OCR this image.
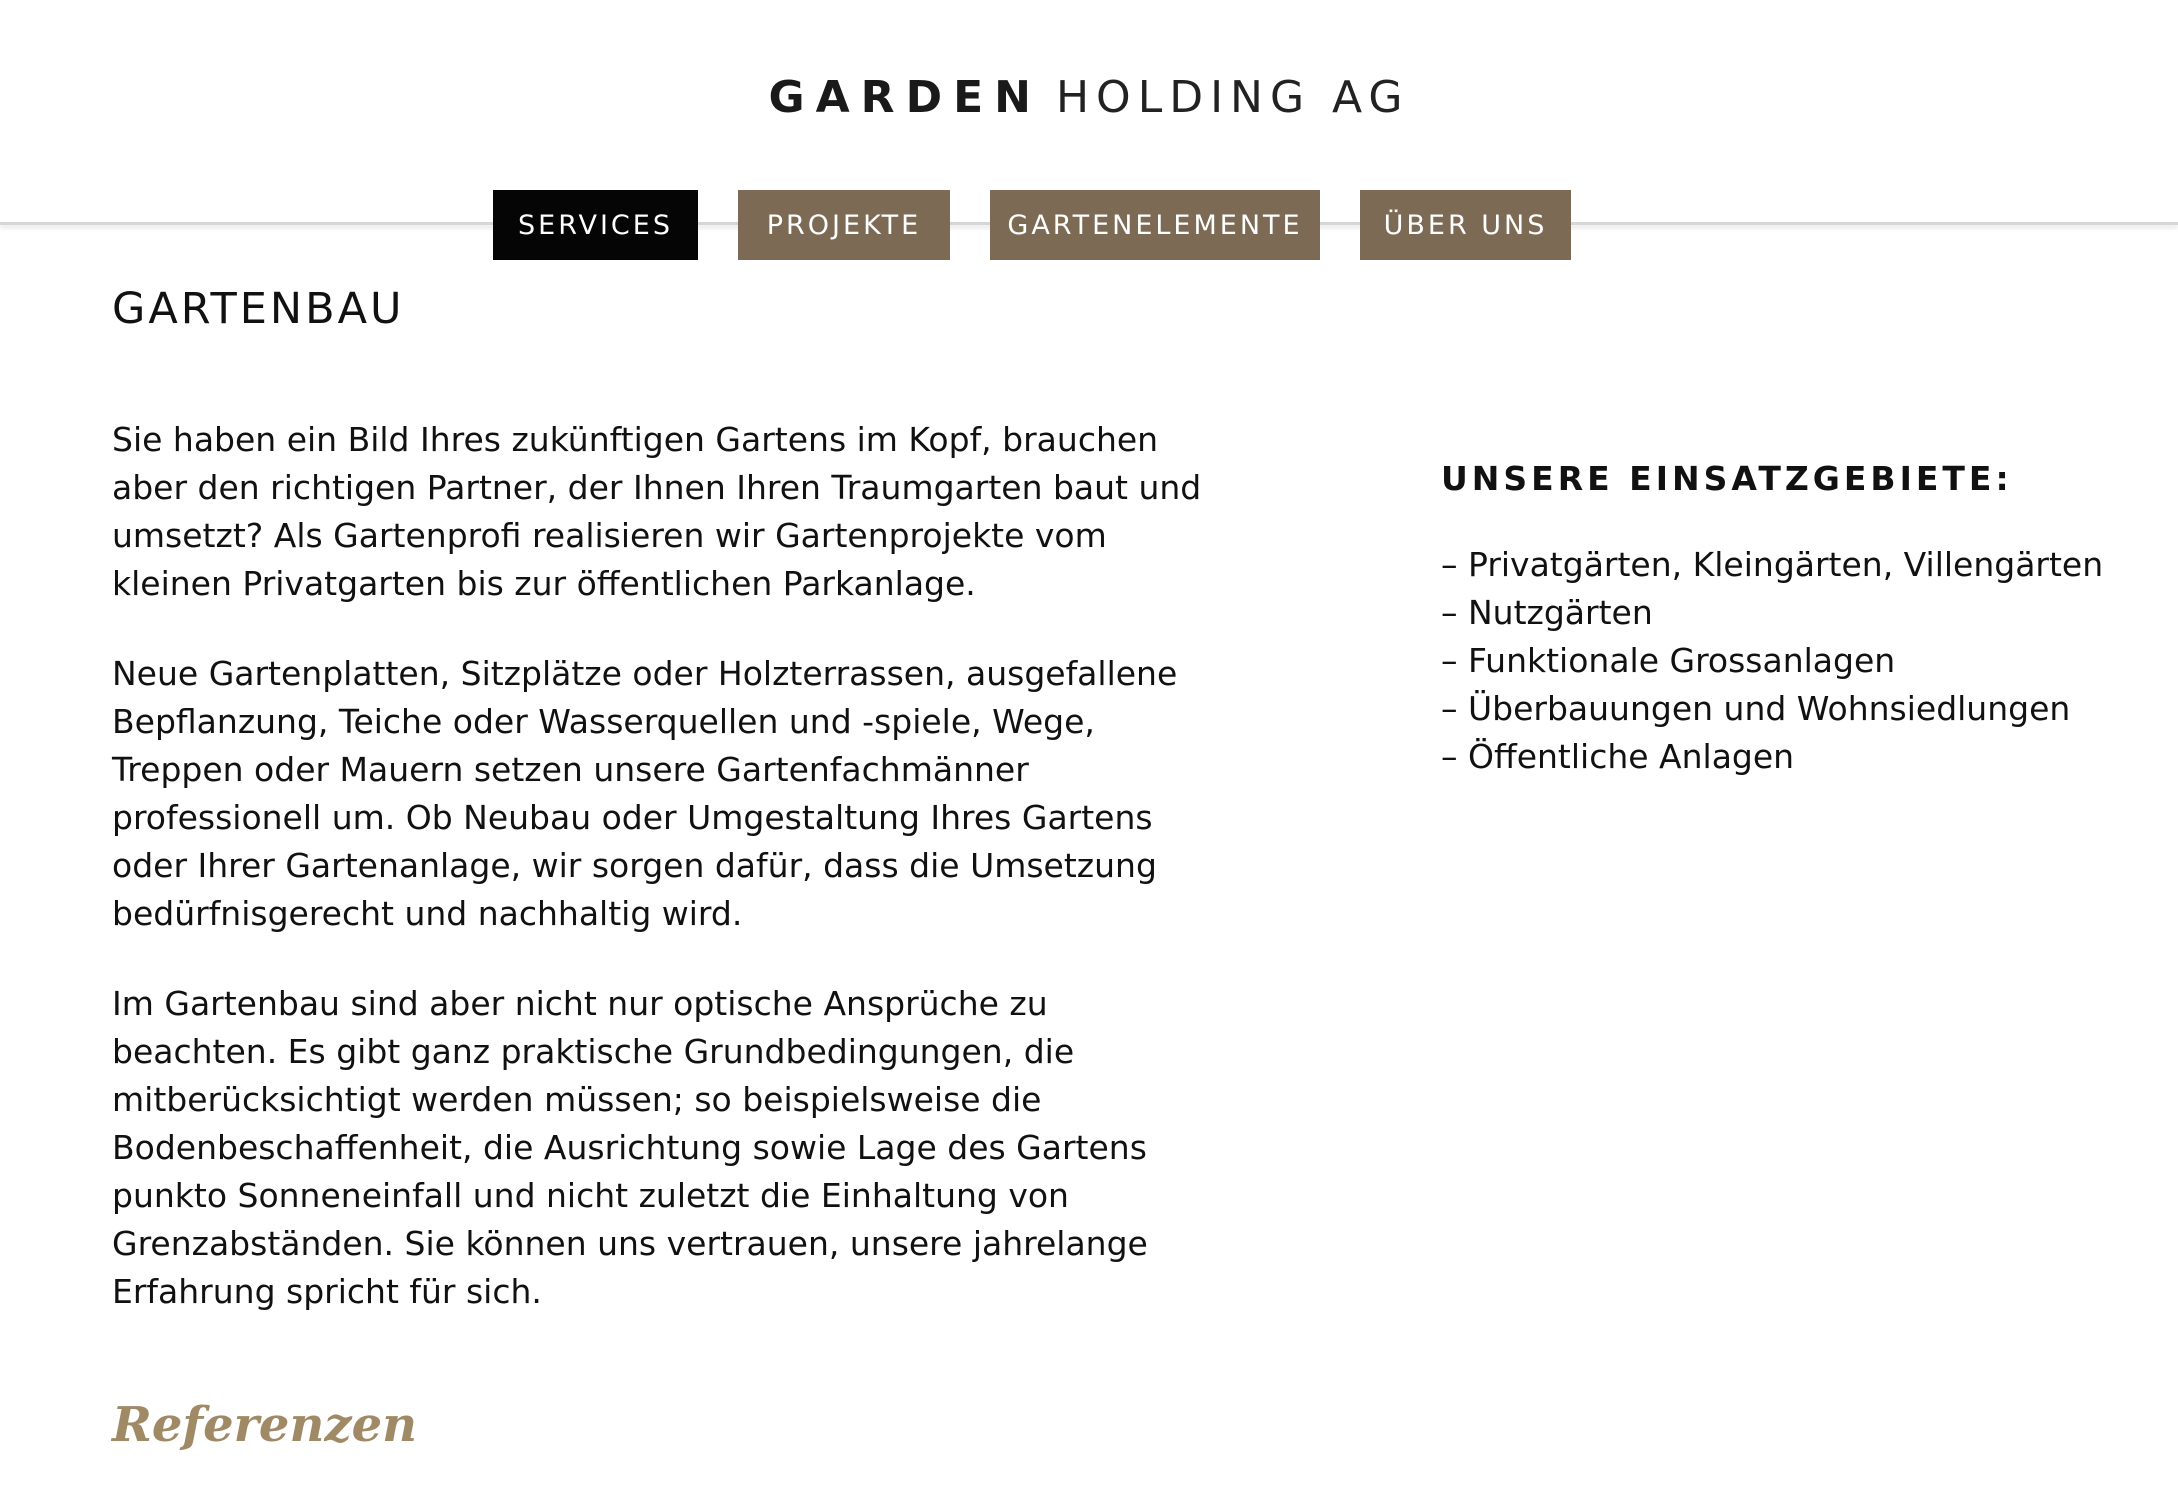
GARDEN HOLDING AG
SERVICES	PROJEKTE	GARTENELEMENTE	ÜBER UNS
GARTENBAU

Sie haben ein Bild Ihres zukünftigen Gartens im Kopf, brauchen aber den richtigen Partner, der Ihnen Ihren Traumgarten baut und umsetzt? Als Gartenprofi realisieren wir Gartenprojekte vom kleinen Privatgarten bis zur öffentlichen Parkanlage.

Neue Gartenplatten, Sitzplätze oder Holzterrassen, ausgefallene Bepflanzung, Teiche oder Wasserquellen und -spiele, Wege, Treppen oder Mauern setzen unsere Gartenfachmänner professionell um. Ob Neubau oder Umgestaltung Ihres Gartens oder Ihrer Gartenanlage, wir sorgen dafür, dass die Umsetzung bedürfnisgerecht und nachhaltig wird.

Im Gartenbau sind aber nicht nur optische Ansprüche zu beachten. Es gibt ganz praktische Grundbedingungen, die mitberücksichtigt werden müssen; so beispielsweise die Bodenbeschaffenheit, die Ausrichtung sowie Lage des Gartens punkto Sonneneinfall und nicht zuletzt die Einhaltung von Grenzabständen. Sie können uns vertrauen, unsere jahrelange Erfahrung spricht für sich.

UNSERE EINSATZGEBIETE:
– Privatgärten, Kleingärten, Villengärten
– Nutzgärten
– Funktionale Grossanlagen
– Überbauungen und Wohnsiedlungen
– Öffentliche Anlagen
Referenzen
